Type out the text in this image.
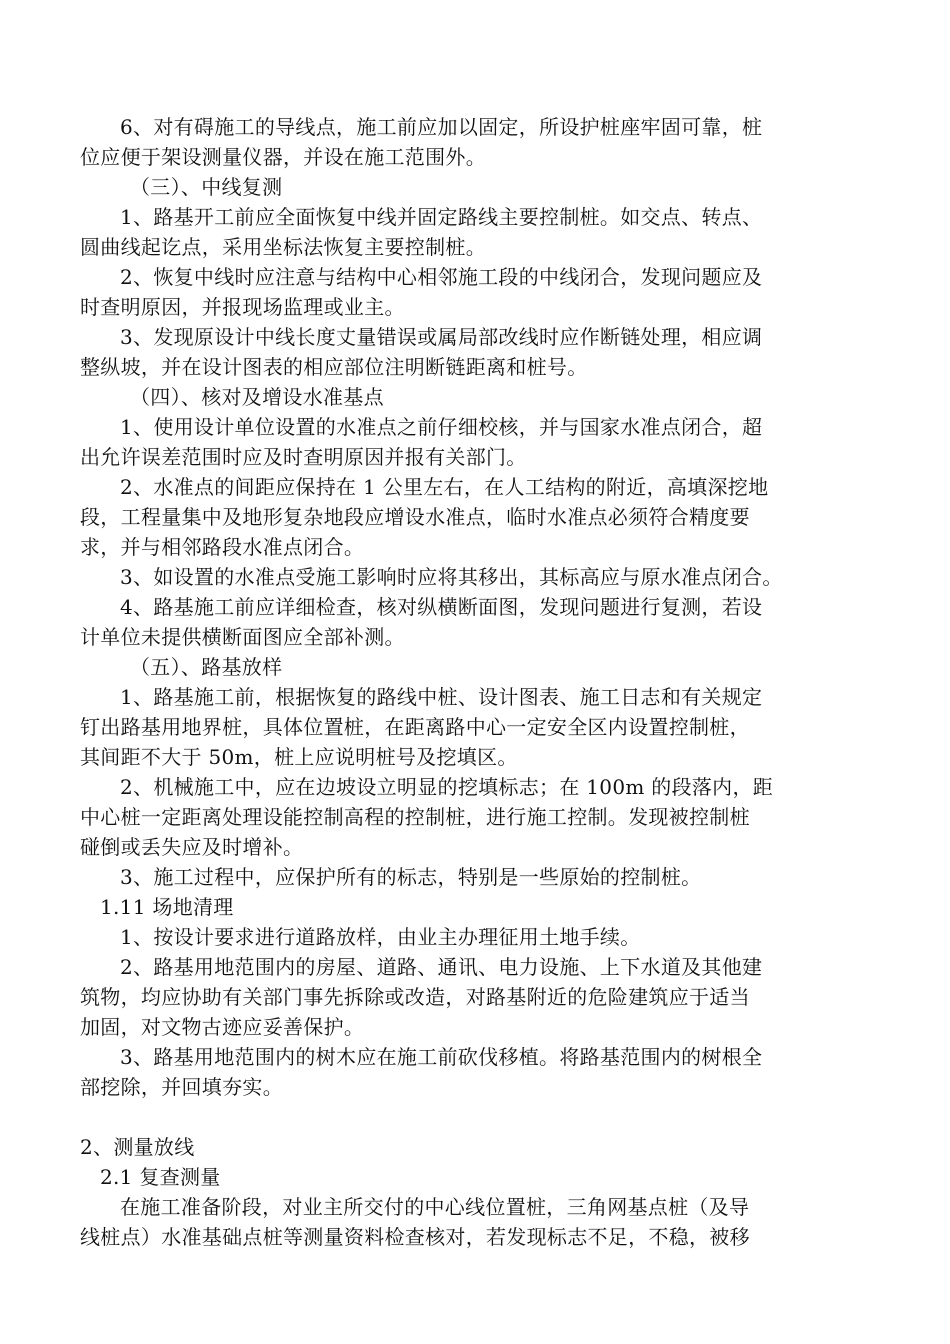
6、对有碍施工的导线点，施工前应加以固定，所设护桩座牢固可靠，桩
位应便于架设测量仪器，并设在施工范围外。
（三）、中线复测
1、路基开工前应全面恢复中线并固定路线主要控制桩。如交点、转点、
圆曲线起讫点，采用坐标法恢复主要控制桩。
2、恢复中线时应注意与结构中心相邻施工段的中线闭合，发现问题应及
时查明原因，并报现场监理或业主。
3、发现原设计中线长度丈量错误或属局部改线时应作断链处理，相应调
整纵坡，并在设计图表的相应部位注明断链距离和桩号。
（四）、核对及增设水准基点
1、使用设计单位设置的水准点之前仔细校核，并与国家水准点闭合，超
出允许误差范围时应及时查明原因并报有关部门。
2、水准点的间距应保持在 1 公里左右，在人工结构的附近，高填深挖地
段，工程量集中及地形复杂地段应增设水准点，临时水准点必须符合精度要
求，并与相邻路段水准点闭合。
3、如设置的水准点受施工影响时应将其移出，其标高应与原水准点闭合。
4、路基施工前应详细检查，核对纵横断面图，发现问题进行复测，若设
计单位未提供横断面图应全部补测。
（五）、路基放样
1、路基施工前，根据恢复的路线中桩、设计图表、施工日志和有关规定
钉出路基用地界桩，具体位置桩，在距离路中心一定安全区内设置控制桩，
其间距不大于 50m，桩上应说明桩号及挖填区。
2、机械施工中，应在边坡设立明显的挖填标志；在 100m 的段落内，距
中心桩一定距离处理设能控制高程的控制桩，进行施工控制。发现被控制桩
碰倒或丢失应及时增补。
3、施工过程中，应保护所有的标志，特别是一些原始的控制桩。
1.11 场地清理
1、按设计要求进行道路放样，由业主办理征用土地手续。
2、路基用地范围内的房屋、道路、通讯、电力设施、上下水道及其他建
筑物，均应协助有关部门事先拆除或改造，对路基附近的危险建筑应于适当
加固，对文物古迹应妥善保护。
3、路基用地范围内的树木应在施工前砍伐移植。将路基范围内的树根全
部挖除，并回填夯实。
2、测量放线
2.1 复查测量
在施工准备阶段，对业主所交付的中心线位置桩，三角网基点桩（及导
线桩点）水准基础点桩等测量资料检查核对，若发现标志不足，不稳，被移
